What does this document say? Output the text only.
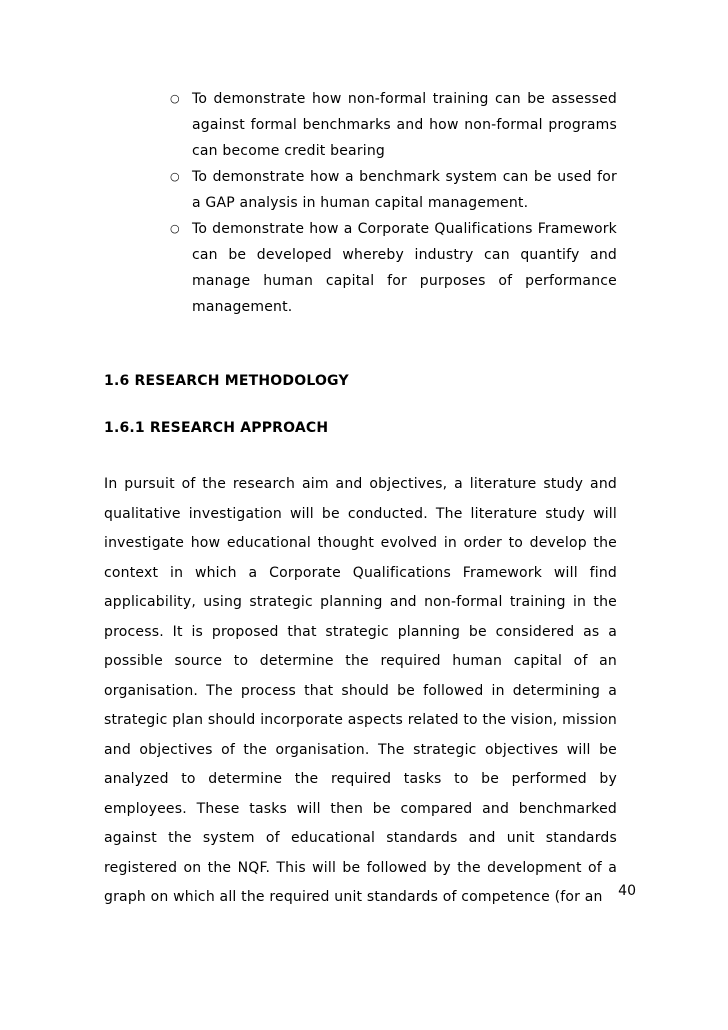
○ To demonstrate how non-formal training can be assessed against formal benchmarks and how non-formal programs can become credit bearing
○ To demonstrate how a benchmark system can be used for a GAP analysis in human capital management.
○ To demonstrate how a Corporate Qualifications Framework can be developed whereby industry can quantify and manage human capital for purposes of performance management.
1.6 RESEARCH METHODOLOGY
1.6.1 RESEARCH APPROACH
In pursuit of the research aim and objectives, a literature study and qualitative investigation will be conducted. The literature study will investigate how educational thought evolved in order to develop the context in which a Corporate Qualifications Framework will find applicability, using strategic planning and non-formal training in the process. It is proposed that strategic planning be considered as a possible source to determine the required human capital of an organisation. The process that should be followed in determining a strategic plan should incorporate aspects related to the vision, mission and objectives of the organisation. The strategic objectives will be analyzed to determine the required tasks to be performed by employees. These tasks will then be compared and benchmarked against the system of educational standards and unit standards registered on the NQF. This will be followed by the development of a graph on which all the required unit standards of competence (for an	40
